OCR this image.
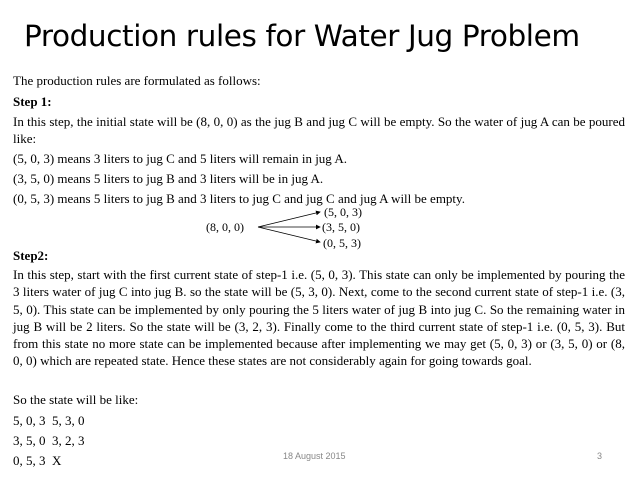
Production rules for Water Jug Problem
The production rules are formulated as follows:
Step 1:

In this step, the initial state will be (8, 0, 0) as the jug B and jug C will be empty. So the water of jug A can be poured like:

(5, 0, 3) means 3 liters to jug C and 5 liters will remain in jug A.
(3, 5, 0) means 5 liters to jug B and 3 liters will be in jug A.
(0, 5, 3) means 5 liters to jug B and 3 liters to jug C and jug C and jug A will be empty.
(8, 0, 0)
(5, 0, 3)
(3, 5, 0)
(0, 5, 3)
Step2:

In this step, start with the first current state of step-1 i.e. (5, 0, 3). This state can only be implemented by pouring the 3 liters water of jug C into jug B. so the state will be (5, 3, 0). Next, come to the second current state of step-1 i.e. (3, 5, 0). This state can be implemented by only pouring the 5 liters water of jug B into jug C. So the remaining water in jug B will be 2 liters. So the state will be (3, 2, 3). Finally come to the third current state of step-1 i.e. (0, 5, 3). But from this state no more state can be implemented because after implementing we may get (5, 0, 3) or (3, 5, 0) or (8, 0, 0) which are repeated state. Hence these states are not considerably again for going towards goal.

So the state will be like:
5, 0, 3  5, 3, 0
3, 5, 0  3, 2, 3
0, 5, 3  X	18 August 2015	3
